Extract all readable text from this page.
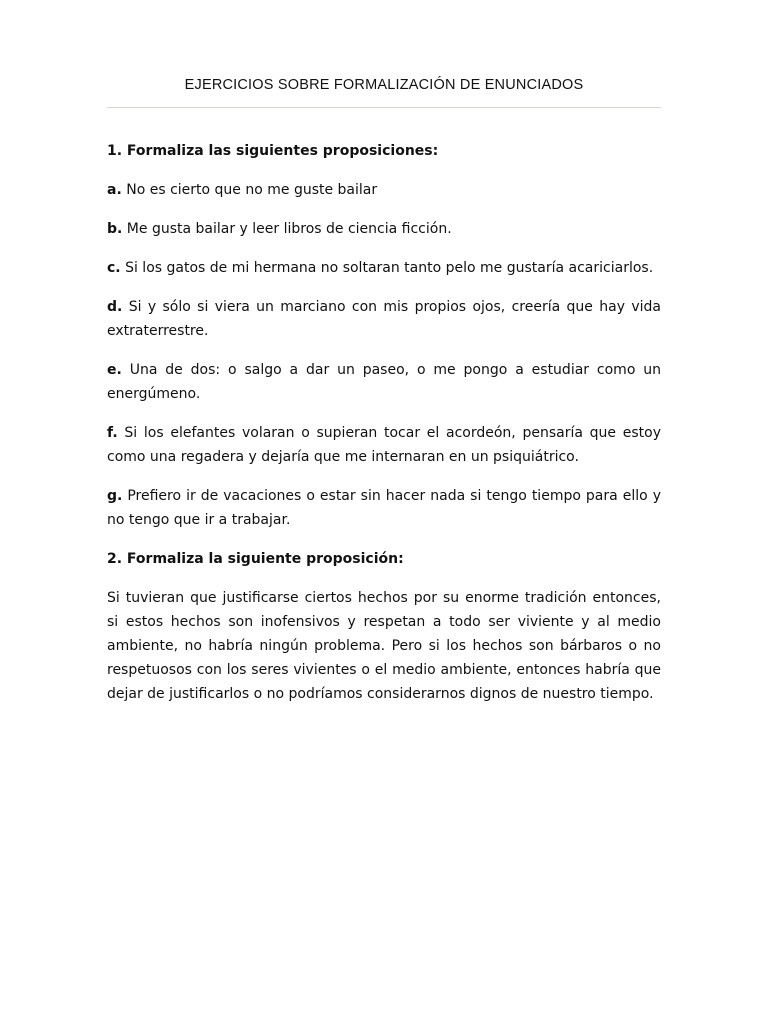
EJERCICIOS SOBRE FORMALIZACIÓN DE ENUNCIADOS

1. Formaliza las siguientes proposiciones:

a. No es cierto que no me guste bailar

b. Me gusta bailar y leer libros de ciencia ficción.

c. Si los gatos de mi hermana no soltaran tanto pelo me gustaría acariciarlos.

d. Si y sólo si viera un marciano con mis propios ojos, creería que hay vida extraterrestre.

e. Una de dos: o salgo a dar un paseo, o me pongo a estudiar como un energúmeno.

f. Si los elefantes volaran o supieran tocar el acordeón, pensaría que estoy como una regadera y dejaría que me internaran en un psiquiátrico.

g. Prefiero ir de vacaciones o estar sin hacer nada si tengo tiempo para ello y no tengo que ir a trabajar.

2. Formaliza la siguiente proposición:

Si tuvieran que justificarse ciertos hechos por su enorme tradición entonces, si estos hechos son inofensivos y respetan a todo ser viviente y al medio ambiente, no habría ningún problema. Pero si los hechos son bárbaros o no respetuosos con los seres vivientes o el medio ambiente, entonces habría que dejar de justificarlos o no podríamos considerarnos dignos de nuestro tiempo.
